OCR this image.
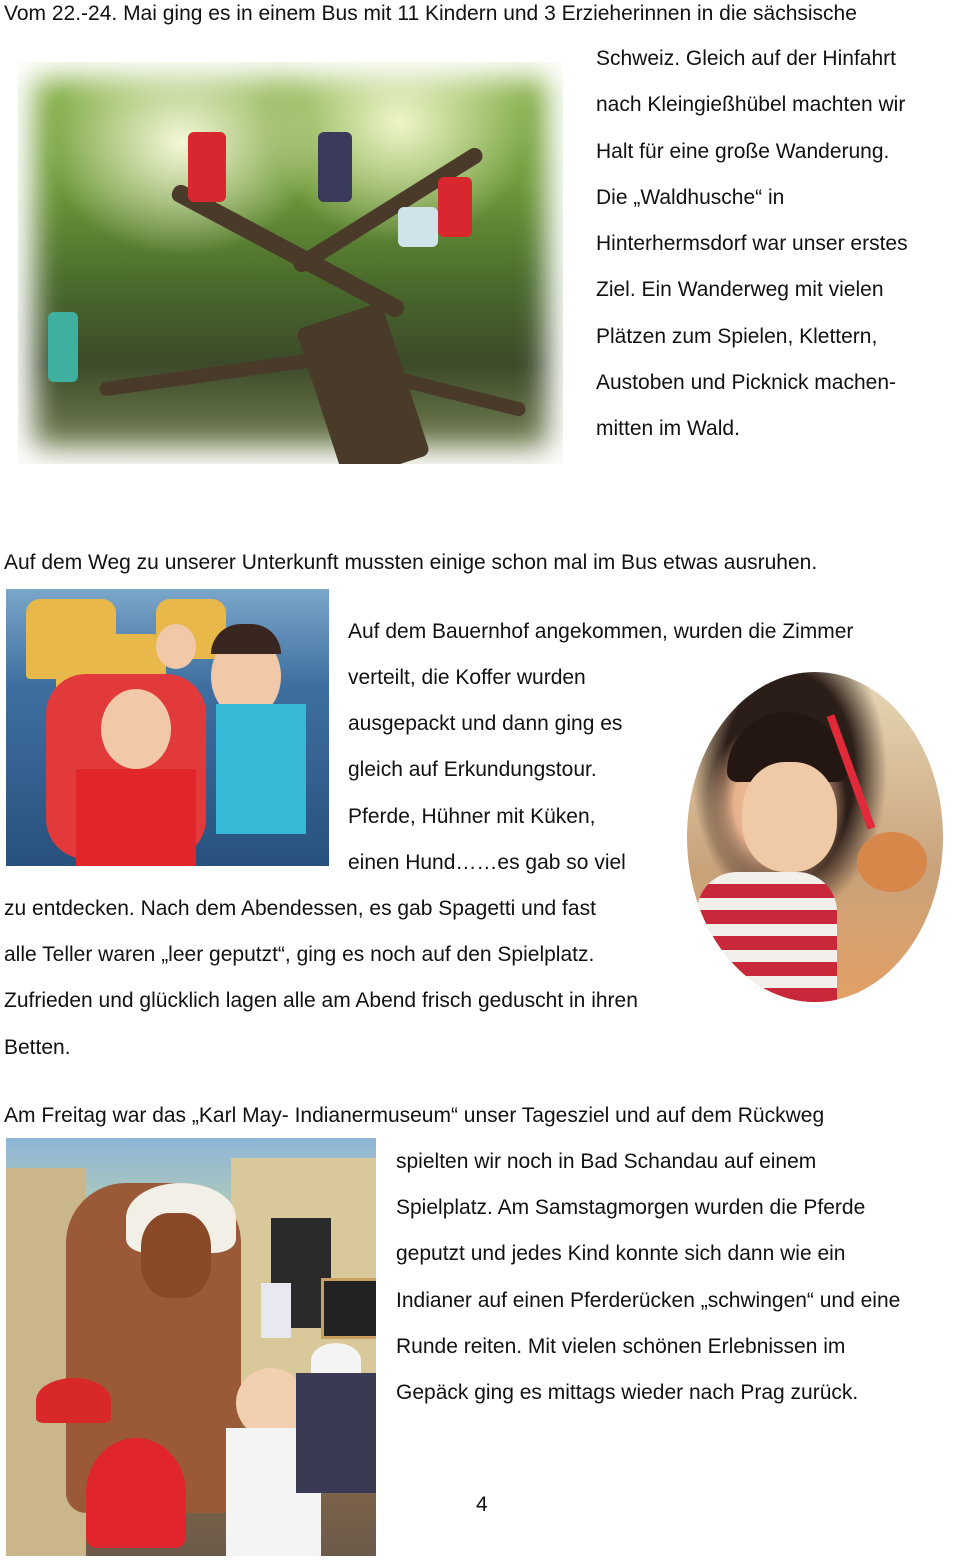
Vom 22.-24. Mai ging es in einem Bus mit 11 Kindern und 3 Erzieherinnen in die sächsische
Schweiz. Gleich auf der Hinfahrt
nach Kleingießhübel machten wir
Halt für eine große Wanderung.
Die „Waldhusche“ in
Hinterhermsdorf war unser erstes
Ziel. Ein Wanderweg mit vielen
Plätzen zum Spielen, Klettern,
Austoben und Picknick machen-
mitten im Wald.
Auf dem Weg zu unserer Unterkunft mussten einige schon mal im Bus etwas ausruhen.
Auf dem Bauernhof angekommen, wurden die Zimmer
verteilt, die Koffer wurden
ausgepackt und dann ging es
gleich auf Erkundungstour.
Pferde, Hühner mit Küken,
einen Hund……es gab so viel
zu entdecken. Nach dem Abendessen, es gab Spagetti und fast
alle Teller waren „leer geputzt“, ging es noch auf den Spielplatz.
Zufrieden und glücklich lagen alle am Abend frisch geduscht in ihren
Betten.
Am Freitag war das „Karl May- Indianermuseum“ unser Tagesziel und auf dem Rückweg
spielten wir noch in Bad Schandau auf einem
Spielplatz. Am Samstagmorgen wurden die Pferde
geputzt und jedes Kind konnte sich dann wie ein
Indianer auf einen Pferderücken „schwingen“ und eine
Runde reiten. Mit vielen schönen Erlebnissen im
Gepäck ging es mittags wieder nach Prag zurück.
4
